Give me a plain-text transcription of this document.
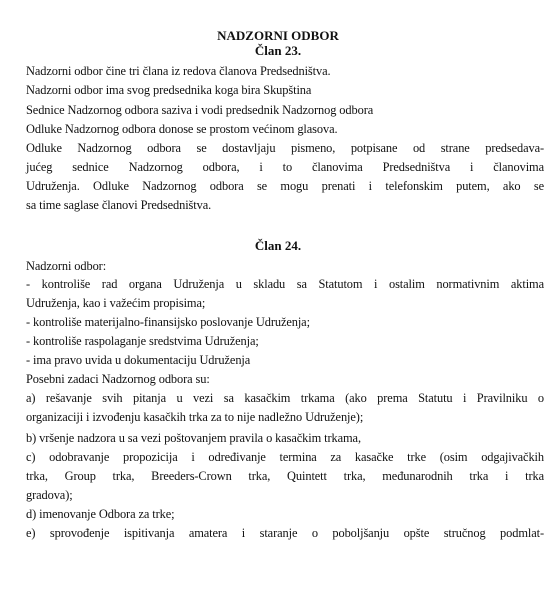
NADZORNI ODBOR
Član 23.
Nadzorni odbor čine tri člana iz redova članova Predsedništva.
Nadzorni odbor ima svog predsednika koga bira Skupština
Sednice Nadzornog odbora saziva i vodi predsednik Nadzornog odbora
Odluke Nadzornog odbora donose se prostom većinom glasova.
Odluke Nadzornog odbora se dostavljaju pismeno, potpisane od strane predsedava-
jućeg sednice Nadzornog odbora, i to članovima Predsedništva i članovima
Udruženja. Odluke Nadzornog odbora se mogu prenati i telefonskim putem, ako se
sa time saglase članovi Predsedništva.
Član 24.
Nadzorni odbor:
- kontroliše rad organa Udruženja u skladu sa Statutom i ostalim normativnim aktima
Udruženja, kao i važećim propisima;
- kontroliše materijalno-finansijsko poslovanje Udruženja;
- kontroliše raspolaganje sredstvima Udruženja;
- ima pravo uvida u dokumentaciju Udruženja
Posebni zadaci Nadzornog odbora su:
a) rešavanje svih pitanja u vezi sa kasačkim trkama (ako prema Statutu i Pravilniku o
organizaciji i izvođenju kasačkih trka za to nije nadležno Udruženje);
b) vršenje nadzora u sa vezi poštovanjem pravila o kasačkim trkama,
c) odobravanje propozicija i određivanje termina za kasačke trke (osim odgajivačkih
trka, Group trka, Breeders-Crown trka, Quintett trka, međunarodnih trka i trka
gradova);
d) imenovanje Odbora za trke;
e) sprovođenje ispitivanja amatera i staranje o poboljšanju opšte stručnog podmlat-
